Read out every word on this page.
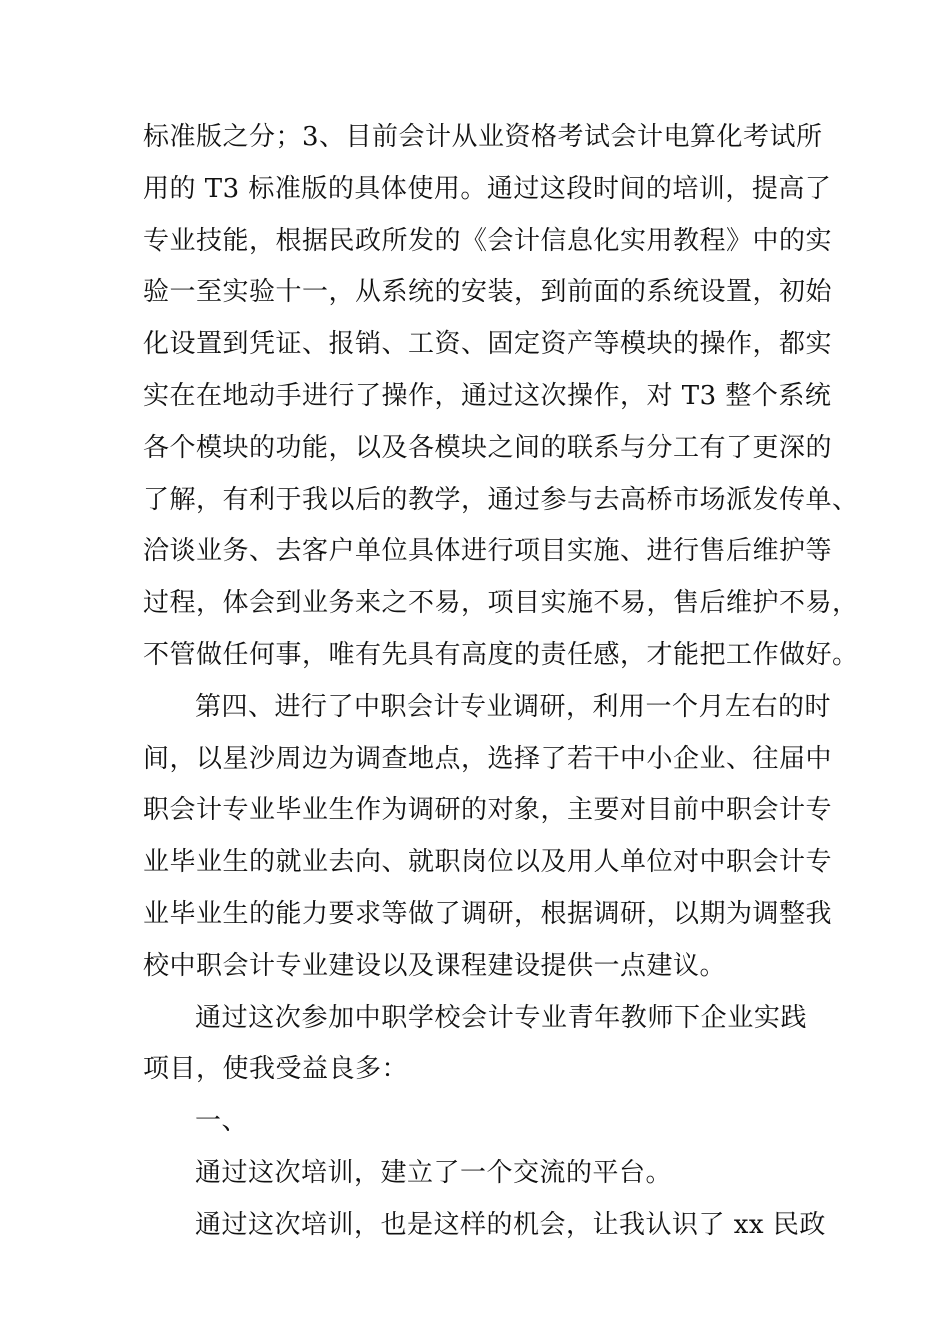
标准版之分；3、目前会计从业资格考试会计电算化考试所
用的 T3 标准版的具体使用。通过这段时间的培训，提高了
专业技能，根据民政所发的《会计信息化实用教程》中的实
验一至实验十一，从系统的安装，到前面的系统设置，初始
化设置到凭证、报销、工资、固定资产等模块的操作，都实
实在在地动手进行了操作，通过这次操作，对 T3 整个系统
各个模块的功能，以及各模块之间的联系与分工有了更深的
了解，有利于我以后的教学，通过参与去高桥市场派发传单、
洽谈业务、去客户单位具体进行项目实施、进行售后维护等
过程，体会到业务来之不易，项目实施不易，售后维护不易，
不管做任何事，唯有先具有高度的责任感，才能把工作做好。
第四、进行了中职会计专业调研，利用一个月左右的时
间，以星沙周边为调查地点，选择了若干中小企业、往届中
职会计专业毕业生作为调研的对象，主要对目前中职会计专
业毕业生的就业去向、就职岗位以及用人单位对中职会计专
业毕业生的能力要求等做了调研，根据调研，以期为调整我
校中职会计专业建设以及课程建设提供一点建议。
通过这次参加中职学校会计专业青年教师下企业实践
项目，使我受益良多：
一、
通过这次培训，建立了一个交流的平台。
通过这次培训，也是这样的机会，让我认识了 xx 民政
